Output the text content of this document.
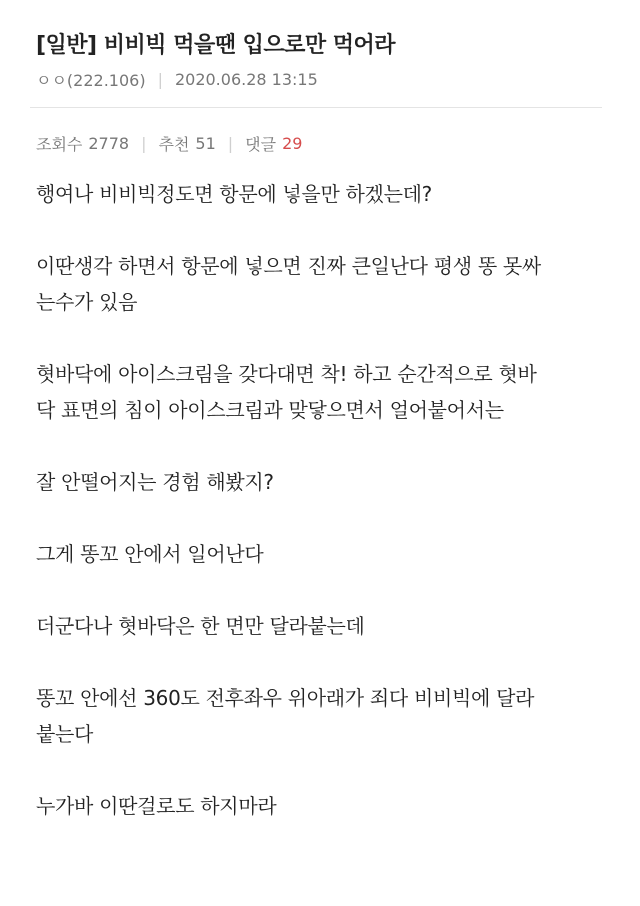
[일반] 비비빅 먹을땐 입으로만 먹어라
ㅇㅇ(222.106) | 2020.06.28 13:15
조회수 2778 | 추천 51 | 댓글 29

행여나 비비빅정도면 항문에 넣을만 하겠는데?

이딴생각 하면서 항문에 넣으면 진짜 큰일난다 평생 똥 못싸

는수가 있음

혓바닥에 아이스크림을 갖다대면 착! 하고 순간적으로 혓바

닥 표면의 침이 아이스크림과 맞닿으면서 얼어붙어서는

잘 안떨어지는 경험 해봤지?

그게 똥꼬 안에서 일어난다

더군다나 혓바닥은 한 면만 달라붙는데

똥꼬 안에선 360도 전후좌우 위아래가 죄다 비비빅에 달라

붙는다

누가바 이딴걸로도 하지마라
